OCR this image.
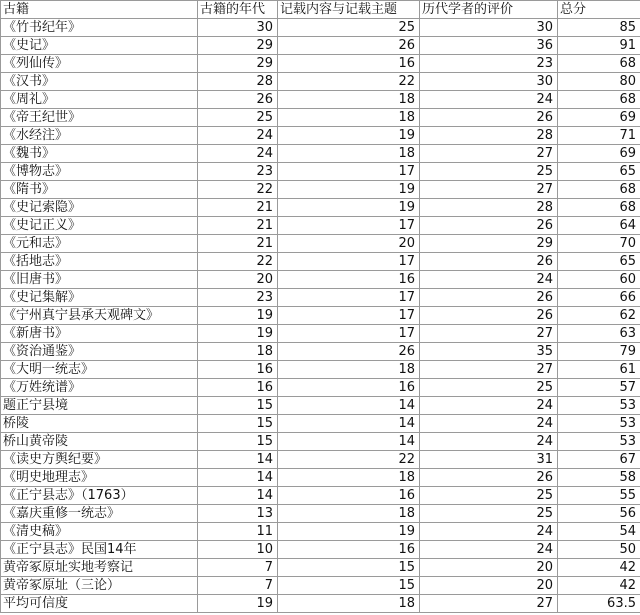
古籍	古籍的年代	记载内容与记载主题	历代学者的评价	总分
《竹书纪年》	30	25	30	85
《史记》	29	26	36	91
《列仙传》	29	16	23	68
《汉书》	28	22	30	80
《周礼》	26	18	24	68
《帝王纪世》	25	18	26	69
《水经注》	24	19	28	71
《魏书》	24	18	27	69
《博物志》	23	17	25	65
《隋书》	22	19	27	68
《史记索隐》	21	19	28	68
《史记正义》	21	17	26	64
《元和志》	21	20	29	70
《括地志》	22	17	26	65
《旧唐书》	20	16	24	60
《史记集解》	23	17	26	66
《宁州真宁县承天观碑文》	19	17	26	62
《新唐书》	19	17	27	63
《资治通鉴》	18	26	35	79
《大明一统志》	16	18	27	61
《万姓统谱》	16	16	25	57
题正宁县境	15	14	24	53
桥陵	15	14	24	53
桥山黄帝陵	15	14	24	53
《读史方舆纪要》	14	22	31	67
《明史地理志》	14	18	26	58
《正宁县志》（1763）	14	16	25	55
《嘉庆重修一统志》	13	18	25	56
《清史稿》	11	19	24	54
《正宁县志》民国14年	10	16	24	50
黄帝冢原址实地考察记	7	15	20	42
黄帝冢原址（三论）	7	15	20	42
平均可信度	19	18	27	63.5
